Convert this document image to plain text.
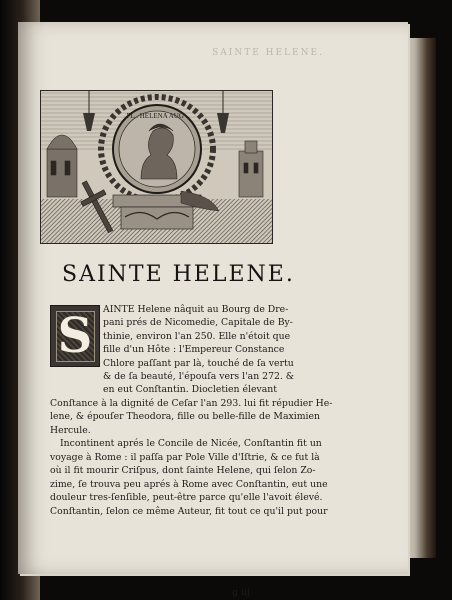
SAINTE HELENE.
FL . HELENA AUG .
SAINTE HELENE.
S	AINTE Helene nâquit au Bourg de Dre-
pani prés de Nicomedie, Capitale de By-
thinie, environ l'an 250. Elle n'étoit que
fille d'un Hôte : l'Empereur Constance
Chlore paſſant par là, touché de ſa vertu
& de ſa beauté, l'épouſa vers l'an 272. &
en eut Conſtantin. Diocletien élevant
Conſtance à la dignité de Ceſar l'an 293. lui fit répudier He-
lene, & épouſer Theodora, fille ou belle-fille de Maximien
Hercule.
Incontinent aprés le Concile de Nicée, Conſtantin fit un
voyage à Rome : il paſſa par Pole Ville d'Iſtrie, & ce fut là
où il fit mourir Criſpus, dont ſainte Helene, qui ſelon Zo-
zime, ſe trouva peu aprés à Rome avec Conſtantin, eut une
douleur tres-ſenſible, peut-être parce qu'elle l'avoit élevé.
Conſtantin, ſelon ce même Auteur, fit tout ce qu'il put pour
g iij
